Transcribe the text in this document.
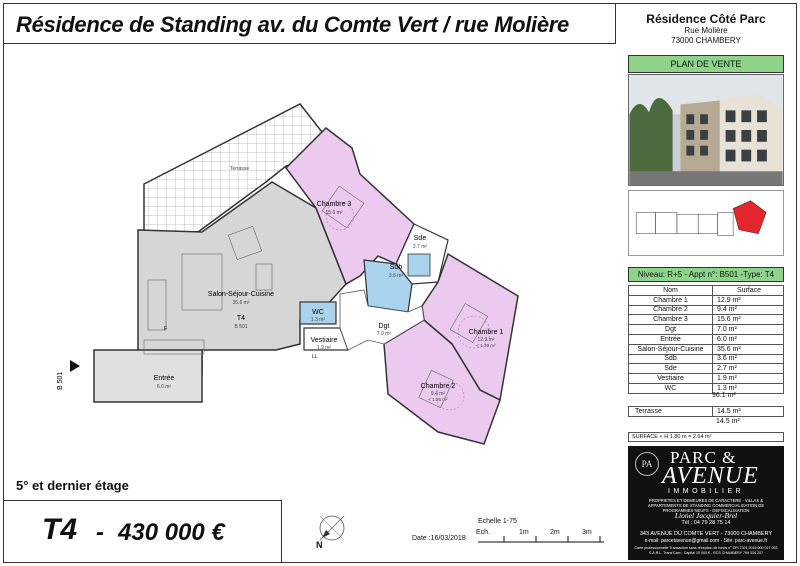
Résidence de Standing av. du Comte Vert / rue Molière
Terrasse
Chambre 3
15.6 m²
Sde
2.7 m²
Sdb
3.6 m²
Salon-Séjour-Cuisine
35.6 m²
T4
B 501
WC
1.3 m²
Vestiaire
1.9 m²
Dgt
7.0 m²	Chambre 1
12.9 m²
< 1.39 m²
Chambre 2
9.4 m²
< 1.25 m²
Entrée
6.0 m²
LL
F
B 501
Résidence Côté Parc
Rue Molière
73000 CHAMBERY
PLAN DE VENTE
Niveau: R+5 - Appt n°: B501 -Type: T4
Nom	Surface
Chambre 1	12.9 m²
Chambre 2	9.4 m²
Chambre 3	15.6 m²
Dgt	7.0 m²
Entrée	6.0 m²
Salon-Séjour-Cuisine	35.6 m²
Sdb	3.6 m²
Sde	2.7 m²
Vestiaire	1.9 m²
WC	1.3 m²
96.1 m²
Terrasse	14.5 m²
14.5 m²
SURFACE < H 1.80 m = 2.64 m²
PA	PARC &
AVENUE
IMMOBILIER
PROPRIETES ET DEMEURES DE CARACTERE - VILLAS & APPARTEMENTS DE STANDING COMMERCIALISATION DE PROGRAMMES NEUFS - DEFISCALISATION
Lionel Jacquier-Brel
Tél : 04 79 28 75 14
343 AVENUE DU COMTE VERT - 73000 CHAMBERY
e-mail: parcetavenue@gmail.com - Site: parc-avenue.fr
Carte professionnelle Transaction sans réception de fonds n° CPI 7301 2016 000 027 053 S.A.R.L. Trans'Cam - Capital 10 000 € - RCS CHAMBERY 799 334 207
5° et dernier étage
T4 - 430 000 €	N
Date :16/03/2018
Echelle 1-75
Ech.	1m	2m	3m
